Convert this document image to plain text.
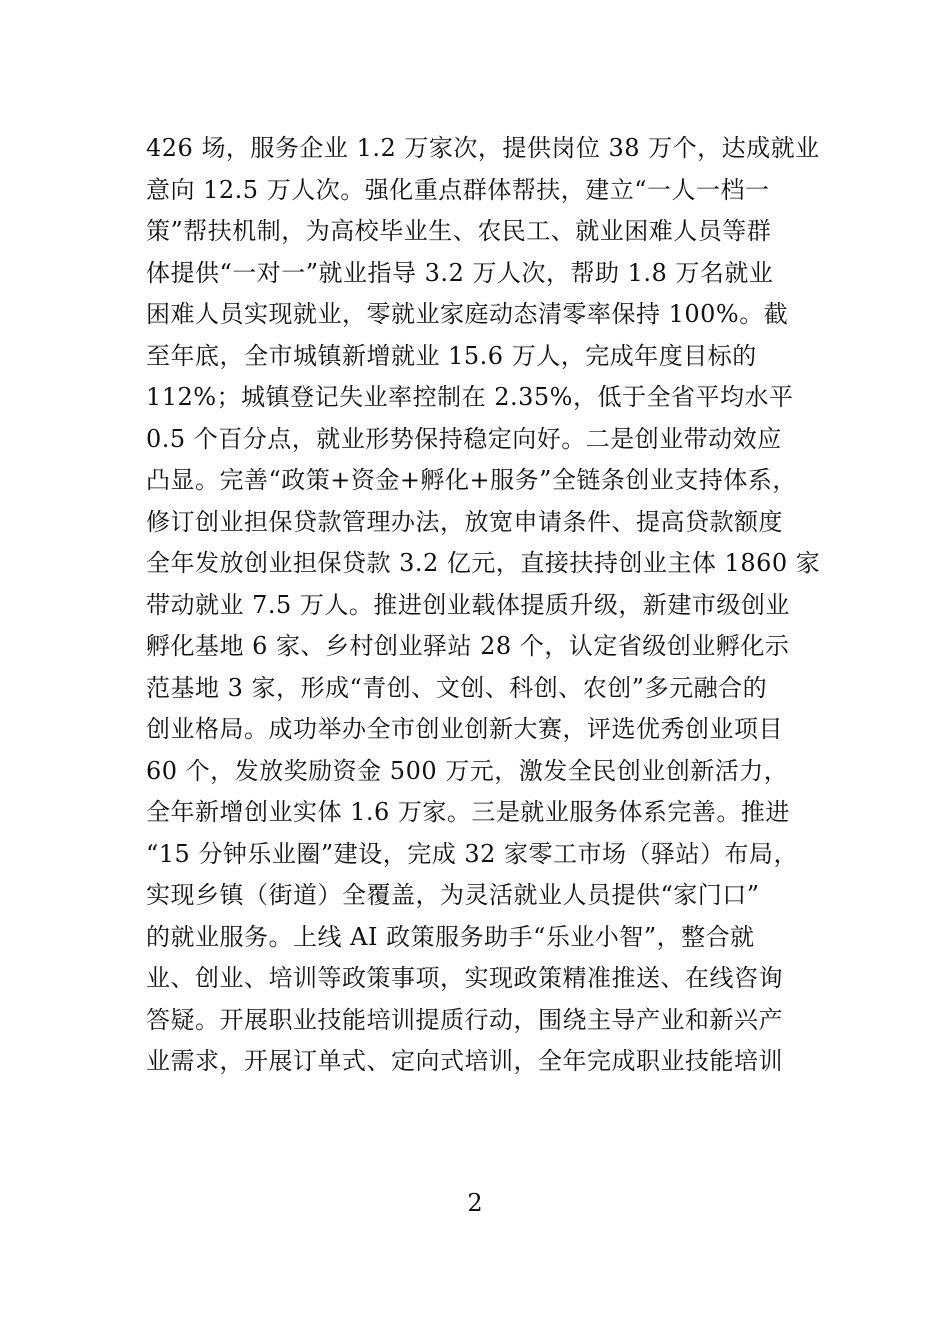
426 场，服务企业 1.2 万家次，提供岗位 38 万个，达成就业
意向 12.5 万人次。强化重点群体帮扶，建立“一人一档一
策”帮扶机制，为高校毕业生、农民工、就业困难人员等群
体提供“一对一”就业指导 3.2 万人次，帮助 1.8 万名就业
困难人员实现就业，零就业家庭动态清零率保持 100%。截
至年底，全市城镇新增就业 15.6 万人，完成年度目标的
112%；城镇登记失业率控制在 2.35%，低于全省平均水平
0.5 个百分点，就业形势保持稳定向好。二是创业带动效应
凸显。完善“政策+资金+孵化+服务”全链条创业支持体系，
修订创业担保贷款管理办法，放宽申请条件、提高贷款额度
全年发放创业担保贷款 3.2 亿元，直接扶持创业主体 1860 家
带动就业 7.5 万人。推进创业载体提质升级，新建市级创业
孵化基地 6 家、乡村创业驿站 28 个，认定省级创业孵化示
范基地 3 家，形成“青创、文创、科创、农创”多元融合的
创业格局。成功举办全市创业创新大赛，评选优秀创业项目
60 个，发放奖励资金 500 万元，激发全民创业创新活力，
全年新增创业实体 1.6 万家。三是就业服务体系完善。推进
“15 分钟乐业圈”建设，完成 32 家零工市场（驿站）布局，
实现乡镇（街道）全覆盖，为灵活就业人员提供“家门口”
的就业服务。上线 AI 政策服务助手“乐业小智”，整合就
业、创业、培训等政策事项，实现政策精准推送、在线咨询
答疑。开展职业技能培训提质行动，围绕主导产业和新兴产
业需求，开展订单式、定向式培训，全年完成职业技能培训
2
